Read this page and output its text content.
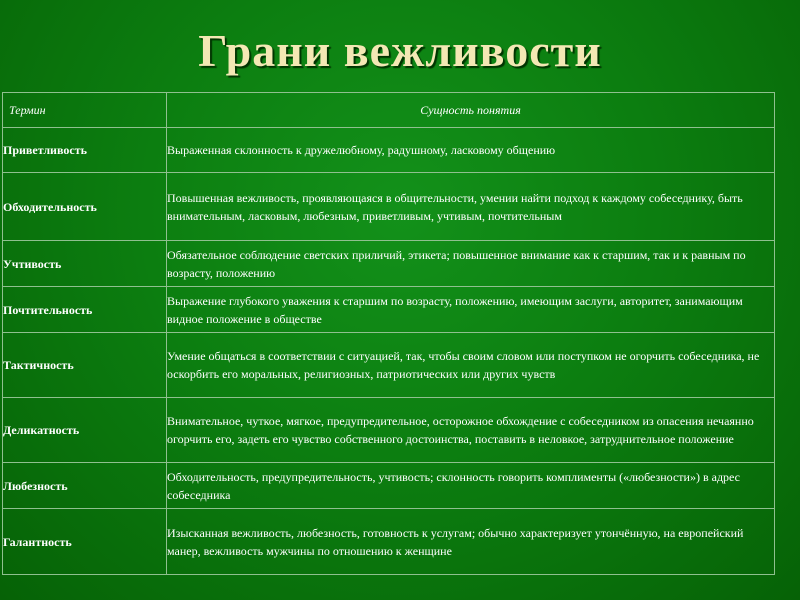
Грани вежливости
Термин	Сущность понятия
Приветливость	Выраженная склонность к дружелюбному, радушному, ласковому общению
Обходительность	Повышенная вежливость, проявляющаяся в общительности, умении найти подход к каждому собеседнику, быть внимательным, ласковым, любезным, приветливым, учтивым, почтительным
Учтивость	Обязательное соблюдение светских приличий, этикета; повышенное внимание как к старшим, так и к равным по возрасту, положению
Почтительность	Выражение глубокого уважения к старшим по возрасту, положению, имеющим заслуги, авторитет, занимающим видное положение в обществе
Тактичность	Умение общаться в соответствии с ситуацией, так, чтобы своим словом или поступком не огорчить собеседника, не оскорбить его моральных, религиозных, патриотических или других чувств
Деликатность	Внимательное, чуткое, мягкое, предупредительное, осторожное обхождение с собеседником из опасения нечаянно огорчить его, задеть его чувство собственного достоинства, поставить в неловкое, затруднительное положение
Любезность	Обходительность, предупредительность, учтивость; склонность говорить комплименты («любезности») в адрес собеседника
Галантность	Изысканная вежливость, любезность, готовность к услугам; обычно характеризует утончённую, на европейский манер, вежливость мужчины по отношению к женщине
